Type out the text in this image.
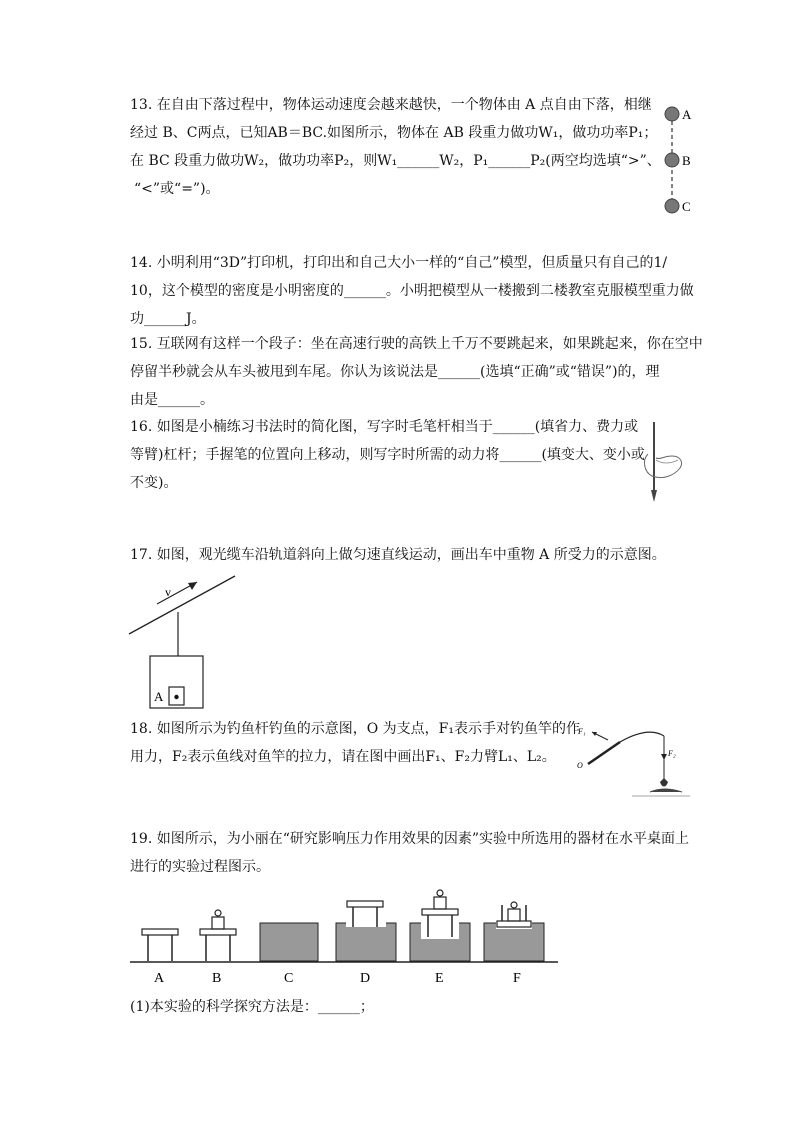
13. 在自由下落过程中，物体运动速度会越来越快，一个物体由 A 点自由下落，相继
经过 B、C两点，已知AB＝BC.如图所示，物体在 AB 段重力做功W₁，做功功率P₁；
在 BC 段重力做功W₂，做功功率P₂，则W₁______W₂，P₁______P₂(两空均选填“>”、
“<”或“=”)。
A
B
C
14. 小明利用“3D”打印机，打印出和自己大小一样的“自己”模型，但质量只有自己的1/
10，这个模型的密度是小明密度的______。小明把模型从一楼搬到二楼教室克服模型重力做
功______J。
15. 互联网有这样一个段子：坐在高速行驶的高铁上千万不要跳起来，如果跳起来，你在空中
停留半秒就会从车头被甩到车尾。你认为该说法是______(选填“正确”或“错误”)的，理
由是______。
16. 如图是小楠练习书法时的简化图，写字时毛笔杆相当于______(填省力、费力或
等臂)杠杆；手握笔的位置向上移动，则写字时所需的动力将______(填变大、变小或
不变)。
17. 如图，观光缆车沿轨道斜向上做匀速直线运动，画出车中重物 A 所受力的示意图。
v
A
18. 如图所示为钓鱼杆钓鱼的示意图，O 为支点，F₁表示手对钓鱼竿的作
用力，F₂表示鱼线对鱼竿的拉力，请在图中画出F₁、F₂力臂L₁、L₂。
F₁
F₂
O
19. 如图所示，为小丽在“研究影响压力作用效果的因素”实验中所选用的器材在水平桌面上
进行的实验过程图示。
A	B	C	D	E	F
(1)本实验的科学探究方法是：______；
